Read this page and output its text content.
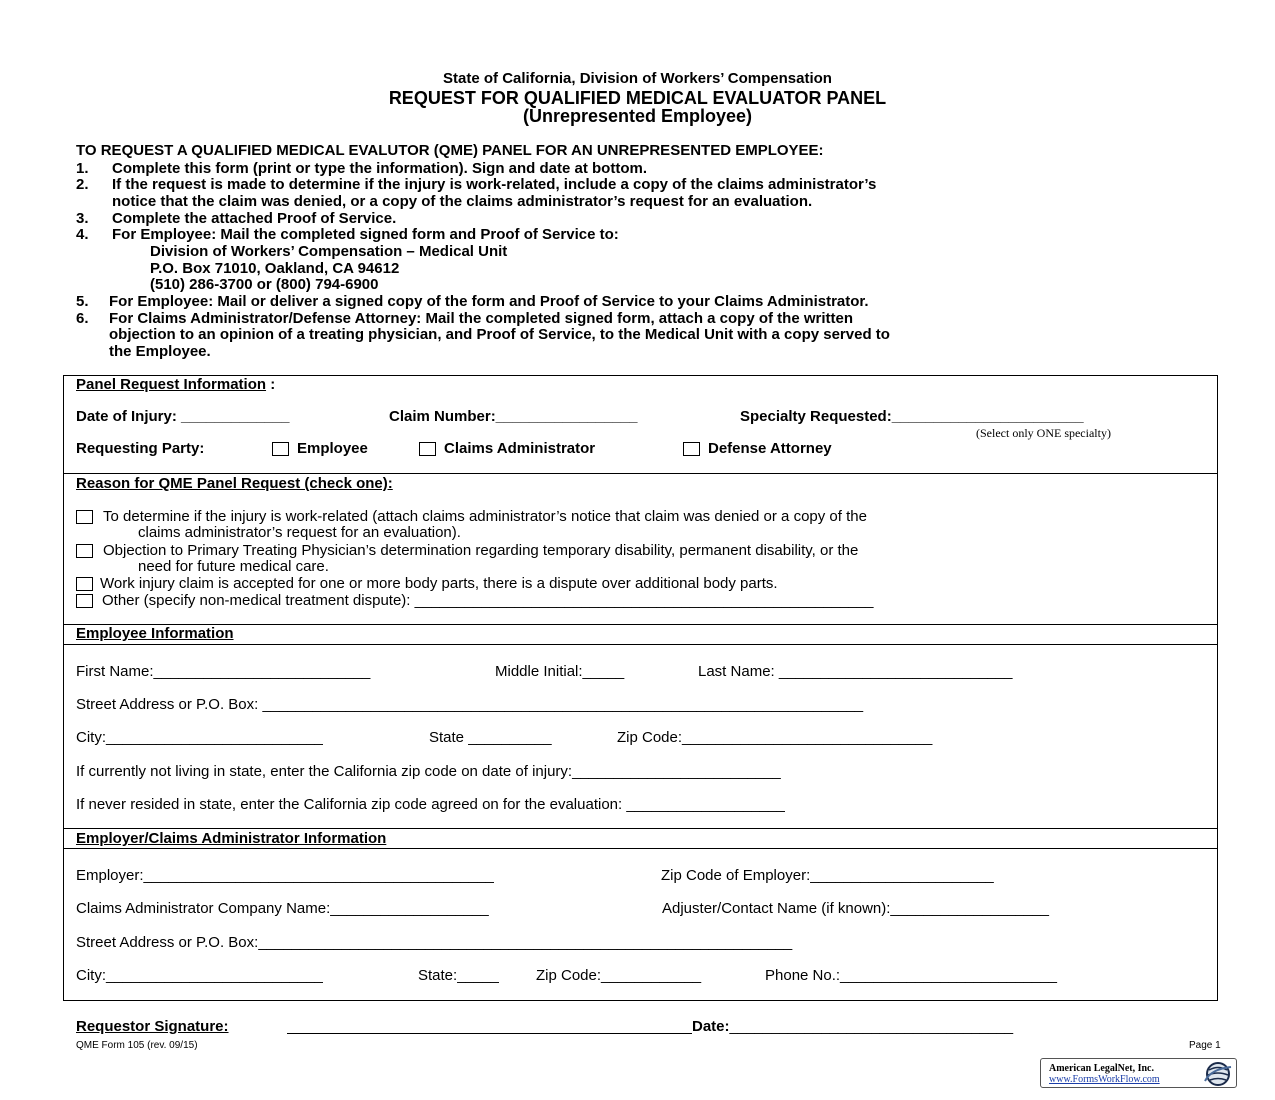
State of California, Division of Workers’ Compensation
REQUEST FOR QUALIFIED MEDICAL EVALUATOR PANEL
(Unrepresented Employee)
TO REQUEST A QUALIFIED MEDICAL EVALUTOR (QME) PANEL FOR AN UNREPRESENTED EMPLOYEE:
1. Complete this form (print or type the information). Sign and date at bottom.
2. If the request is made to determine if the injury is work-related, include a copy of the claims administrator’s
notice that the claim was denied, or a copy of the claims administrator’s request for an evaluation.
3. Complete the attached Proof of Service.
4. For Employee: Mail the completed signed form and Proof of Service to:
Division of Workers’ Compensation – Medical Unit
P.O. Box 71010, Oakland, CA 94612
(510) 286-3700 or (800) 794-6900
5. For Employee: Mail or deliver a signed copy of the form and Proof of Service to your Claims Administrator.
6. For Claims Administrator/Defense Attorney: Mail the completed signed form, attach a copy of the written
objection to an opinion of a treating physician, and Proof of Service, to the Medical Unit with a copy served to
the Employee.
Panel Request Information :
Date of Injury: _____________	Claim Number:_________________	Specialty Requested:_______________________
(Select only ONE specialty)
Requesting Party:	Employee	Claims Administrator	Defense Attorney
Reason for QME Panel Request (check one):
To determine if the injury is work-related (attach claims administrator’s notice that claim was denied or a copy of the
claims administrator’s request for an evaluation).
Objection to Primary Treating Physician’s determination regarding temporary disability, permanent disability, or the
need for future medical care.
Work injury claim is accepted for one or more body parts, there is a dispute over additional body parts.
Other (specify non-medical treatment dispute): _______________________________________________________
Employee Information
First Name:__________________________	Middle Initial:_____	Last Name: ____________________________
Street Address or P.O. Box: ________________________________________________________________________
City:__________________________	State __________	Zip Code:______________________________
If currently not living in state, enter the California zip code on date of injury:_________________________
If never resided in state, enter the California zip code agreed on for the evaluation: ___________________
Employer/Claims Administrator Information
Employer:__________________________________________	Zip Code of Employer:______________________
Claims Administrator Company Name:___________________	Adjuster/Contact Name (if known):___________________
Street Address or P.O. Box:________________________________________________________________
City:__________________________	State:_____ Zip Code:____________	Phone No.:__________________________
Requestor Signature:	Date:__________________________________
QME Form 105 (rev. 09/15)	Page 1
American LegalNet, Inc.
www.FormsWorkFlow.com
